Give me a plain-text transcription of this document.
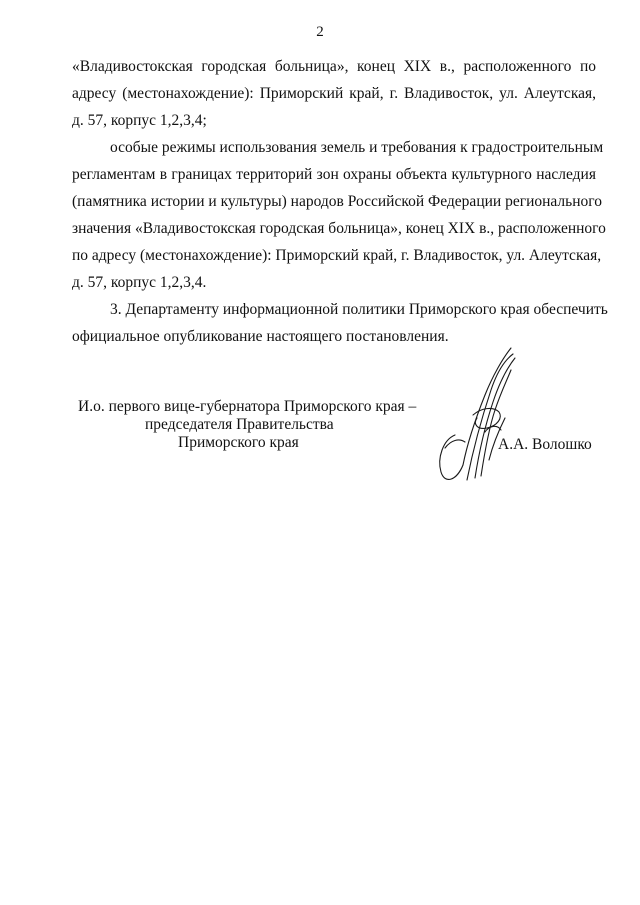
2
«Владивостокская городская больница», конец XIX в., расположенного по
адресу (местонахождение): Приморский край, г. Владивосток, ул. Алеутская,
д. 57, корпус 1,2,3,4;
особые режимы использования земель и требования к градостроительным
регламентам в границах территорий зон охраны объекта культурного наследия
(памятника истории и культуры) народов Российской Федерации регионального
значения «Владивостокская городская больница», конец XIX в., расположенного
по адресу (местонахождение): Приморский край, г. Владивосток, ул. Алеутская,
д. 57, корпус 1,2,3,4.
3. Департаменту информационной политики Приморского края обеспечить
официальное опубликование настоящего постановления.
И.о. первого вице-губернатора Приморского края –
председателя Правительства
Приморского края	А.А. Волошко
